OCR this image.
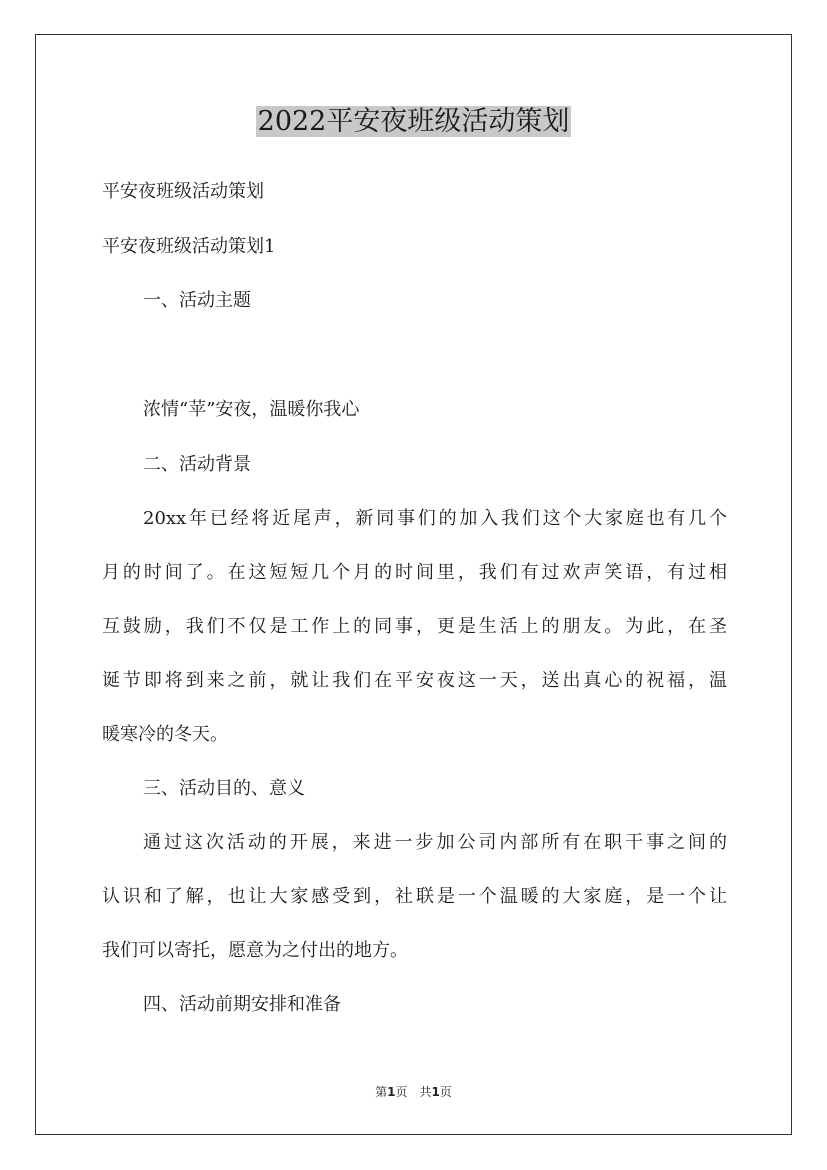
2022平安夜班级活动策划

平安夜班级活动策划

平安夜班级活动策划1

一、活动主题

浓情“苹”安夜，温暖你我心

二、活动背景

20xx年已经将近尾声，新同事们的加入我们这个大家庭也有几个

月的时间了。在这短短几个月的时间里，我们有过欢声笑语，有过相

互鼓励，我们不仅是工作上的同事，更是生活上的朋友。为此，在圣

诞节即将到来之前，就让我们在平安夜这一天，送出真心的祝福，温

暖寒冷的冬天。

三、活动目的、意义

通过这次活动的开展，来进一步加公司内部所有在职干事之间的

认识和了解，也让大家感受到，社联是一个温暖的大家庭，是一个让

我们可以寄托，愿意为之付出的地方。

四、活动前期安排和准备

第1页 共1页
